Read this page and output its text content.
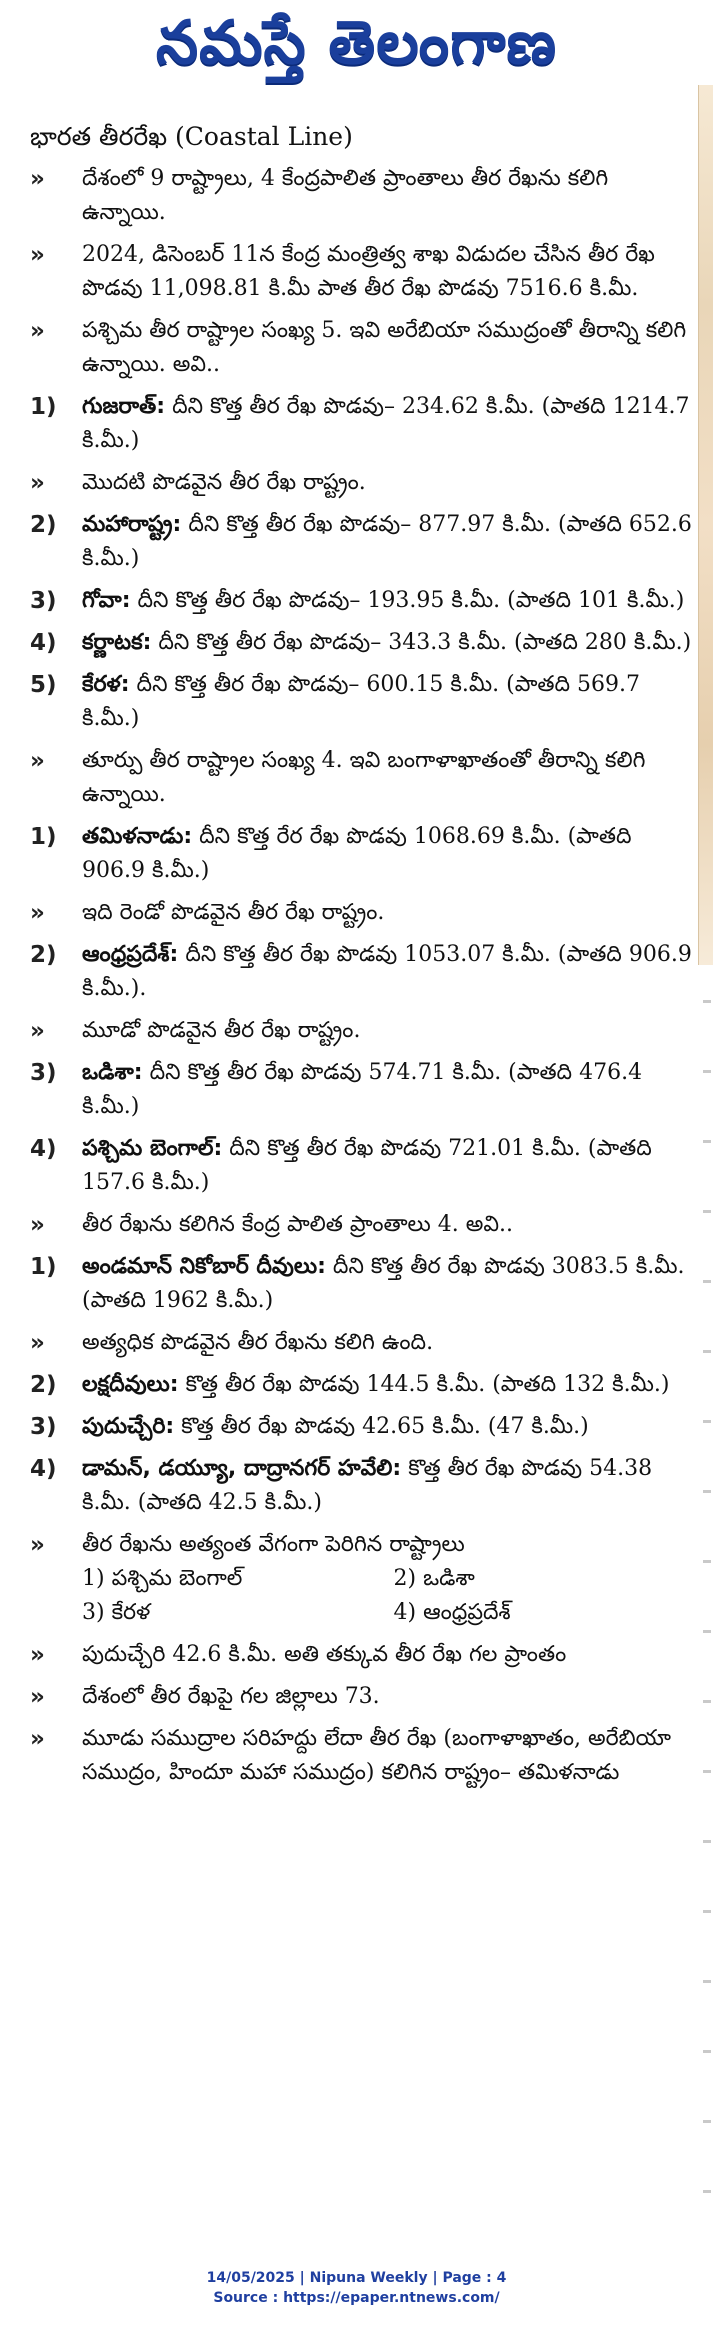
నమస్తే తెలంగాణ
భారత తీరరేఖ (Coastal Line)
»	దేశంలో 9 రాష్ట్రాలు, 4 కేంద్రపాలిత ప్రాంతాలు తీర రేఖను కలిగి ఉన్నాయి.
»	2024, డిసెంబర్ 11న కేంద్ర మంత్రిత్వ శాఖ విడుదల చేసిన తీర రేఖ పొడవు 11,098.81 కి.మీ పాత తీర రేఖ పొడవు 7516.6 కి.మీ.
»	పశ్చిమ తీర రాష్ట్రాల సంఖ్య 5. ఇవి అరేబియా సముద్రంతో తీరాన్ని కలిగి ఉన్నాయి. అవి..
1)	గుజరాత్: దీని కొత్త తీర రేఖ పొడవు– 234.62 కి.మీ. (పాతది 1214.7 కి.మీ.)
»	మొదటి పొడవైన తీర రేఖ రాష్ట్రం.
2)	మహారాష్ట్ర: దీని కొత్త తీర రేఖ పొడవు– 877.97 కి.మీ. (పాతది 652.6 కి.మీ.)
3)	గోవా: దీని కొత్త తీర రేఖ పొడవు– 193.95 కి.మీ. (పాతది 101 కి.మీ.)
4)	కర్ణాటక: దీని కొత్త తీర రేఖ పొడవు– 343.3 కి.మీ. (పాతది 280 కి.మీ.)
5)	కేరళ: దీని కొత్త తీర రేఖ పొడవు– 600.15 కి.మీ. (పాతది 569.7 కి.మీ.)
»	తూర్పు తీర రాష్ట్రాల సంఖ్య 4. ఇవి బంగాళాఖాతంతో తీరాన్ని కలిగి ఉన్నాయి.
1)	తమిళనాడు: దీని కొత్త రేర రేఖ పొడవు 1068.69 కి.మీ. (పాతది 906.9 కి.మీ.)
»	ఇది రెండో పొడవైన తీర రేఖ రాష్ట్రం.
2)	ఆంధ్రప్రదేశ్: దీని కొత్త తీర రేఖ పొడవు 1053.07 కి.మీ. (పాతది 906.9 కి.మీ.).
»	మూడో పొడవైన తీర రేఖ రాష్ట్రం.
3)	ఒడిశా: దీని కొత్త తీర రేఖ పొడవు 574.71 కి.మీ. (పాతది 476.4 కి.మీ.)
4)	పశ్చిమ బెంగాల్: దీని కొత్త తీర రేఖ పొడవు 721.01 కి.మీ. (పాతది 157.6 కి.మీ.)
»	తీర రేఖను కలిగిన కేంద్ర పాలిత ప్రాంతాలు 4. అవి..
1)	అండమాన్ నికోబార్ దీవులు: దీని కొత్త తీర రేఖ పొడవు 3083.5 కి.మీ. (పాతది 1962 కి.మీ.)
»	అత్యధిక పొడవైన తీర రేఖను కలిగి ఉంది.
2)	లక్షదీవులు: కొత్త తీర రేఖ పొడవు 144.5 కి.మీ. (పాతది 132 కి.మీ.)
3)	పుదుచ్చేరి: కొత్త తీర రేఖ పొడవు 42.65 కి.మీ. (47 కి.మీ.)
4)	డామన్, డయ్యూ, దాద్రానగర్ హవేలి: కొత్త తీర రేఖ పొడవు 54.38 కి.మీ. (పాతది 42.5 కి.మీ.)
»	తీర రేఖను అత్యంత వేగంగా పెరిగిన రాష్ట్రాలు
1) పశ్చిమ బెంగాల్	2) ఒడిశా
3) కేరళ	4) ఆంధ్రప్రదేశ్
»	పుదుచ్చేరి 42.6 కి.మీ. అతి తక్కువ తీర రేఖ గల ప్రాంతం
»	దేశంలో తీర రేఖపై గల జిల్లాలు 73.
»	మూడు సముద్రాల సరిహద్దు లేదా తీర రేఖ (బంగాళాఖాతం, అరేబియా సముద్రం, హిందూ మహా సముద్రం) కలిగిన రాష్ట్రం– తమిళనాడు
14/05/2025 | Nipuna Weekly | Page : 4
Source : https://epaper.ntnews.com/
